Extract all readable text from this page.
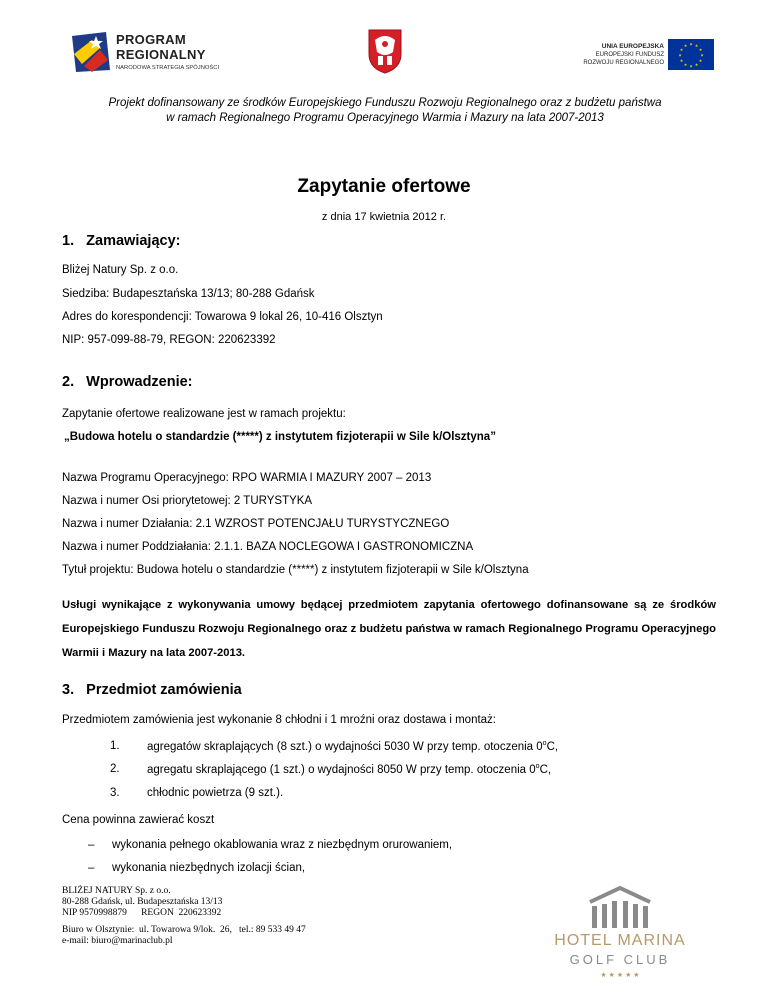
PROGRAM
REGIONALNY
NARODOWA STRATEGIA SPÓJNOŚCI
UNIA EUROPEJSKA
EUROPEJSKI FUNDUSZ
ROZWOJU REGIONALNEGO
★ ★
★
★
★
★
★
★
★
★
★
★
Projekt dofinansowany ze środków Europejskiego Funduszu Rozwoju Regionalnego oraz z budżetu państwa
w ramach Regionalnego Programu Operacyjnego Warmia i Mazury na lata 2007-2013
Zapytanie ofertowe
z dnia 17 kwietnia 2012 r.
1.   Zamawiający:
Bliżej Natury Sp. z o.o.
Siedziba: Budapesztańska 13/13; 80-288 Gdańsk
Adres do korespondencji: Towarowa 9 lokal 26, 10-416 Olsztyn
NIP: 957-099-88-79, REGON: 220623392
2.   Wprowadzenie:
Zapytanie ofertowe realizowane jest w ramach projektu:
„Budowa hotelu o standardzie (*****) z instytutem fizjoterapii w Sile k/Olsztyna”
Nazwa Programu Operacyjnego: RPO WARMIA I MAZURY 2007 – 2013
Nazwa i numer Osi priorytetowej: 2 TURYSTYKA
Nazwa i numer Działania: 2.1 WZROST POTENCJAŁU TURYSTYCZNEGO
Nazwa i numer Poddziałania: 2.1.1. BAZA NOCLEGOWA I GASTRONOMICZNA
Tytuł projektu: Budowa hotelu o standardzie (*****) z instytutem fizjoterapii w Sile k/Olsztyna
Usługi wynikające z wykonywania umowy będącej przedmiotem zapytania ofertowego dofinansowane są ze środków
Europejskiego Funduszu Rozwoju Regionalnego oraz z budżetu państwa w ramach Regionalnego Programu Operacyjnego
Warmii i Mazury na lata 2007-2013.
3.   Przedmiot zamówienia
Przedmiotem zamówienia jest wykonanie 8 chłodni i 1 mroźni oraz dostawa i montaż:
1. agregatów skraplających (8 szt.) o wydajności 5030 W przy temp. otoczenia 0$^o$C,
2. agregatu skraplającego (1 szt.) o wydajności 8050 W przy temp. otoczenia 0$^o$C,
3. chłodnic powietrza (9 szt.).
Cena powinna zawierać koszt
– wykonania pełnego okablowania wraz z niezbędnym orurowaniem,
– wykonania niezbędnych izolacji ścian,
BLIŻEJ NATURY Sp. z o.o.
80-288 Gdańsk, ul. Budapesztańska 13/13
NIP 9570998879      REGON  220623392
Biuro w Olsztynie:  ul. Towarowa 9/lok.  26,   tel.: 89 533 49 47
e-mail: biuro@marinaclub.pl	HOTEL MARINA
GOLF CLUB
★ ★ ★ ★ ★
